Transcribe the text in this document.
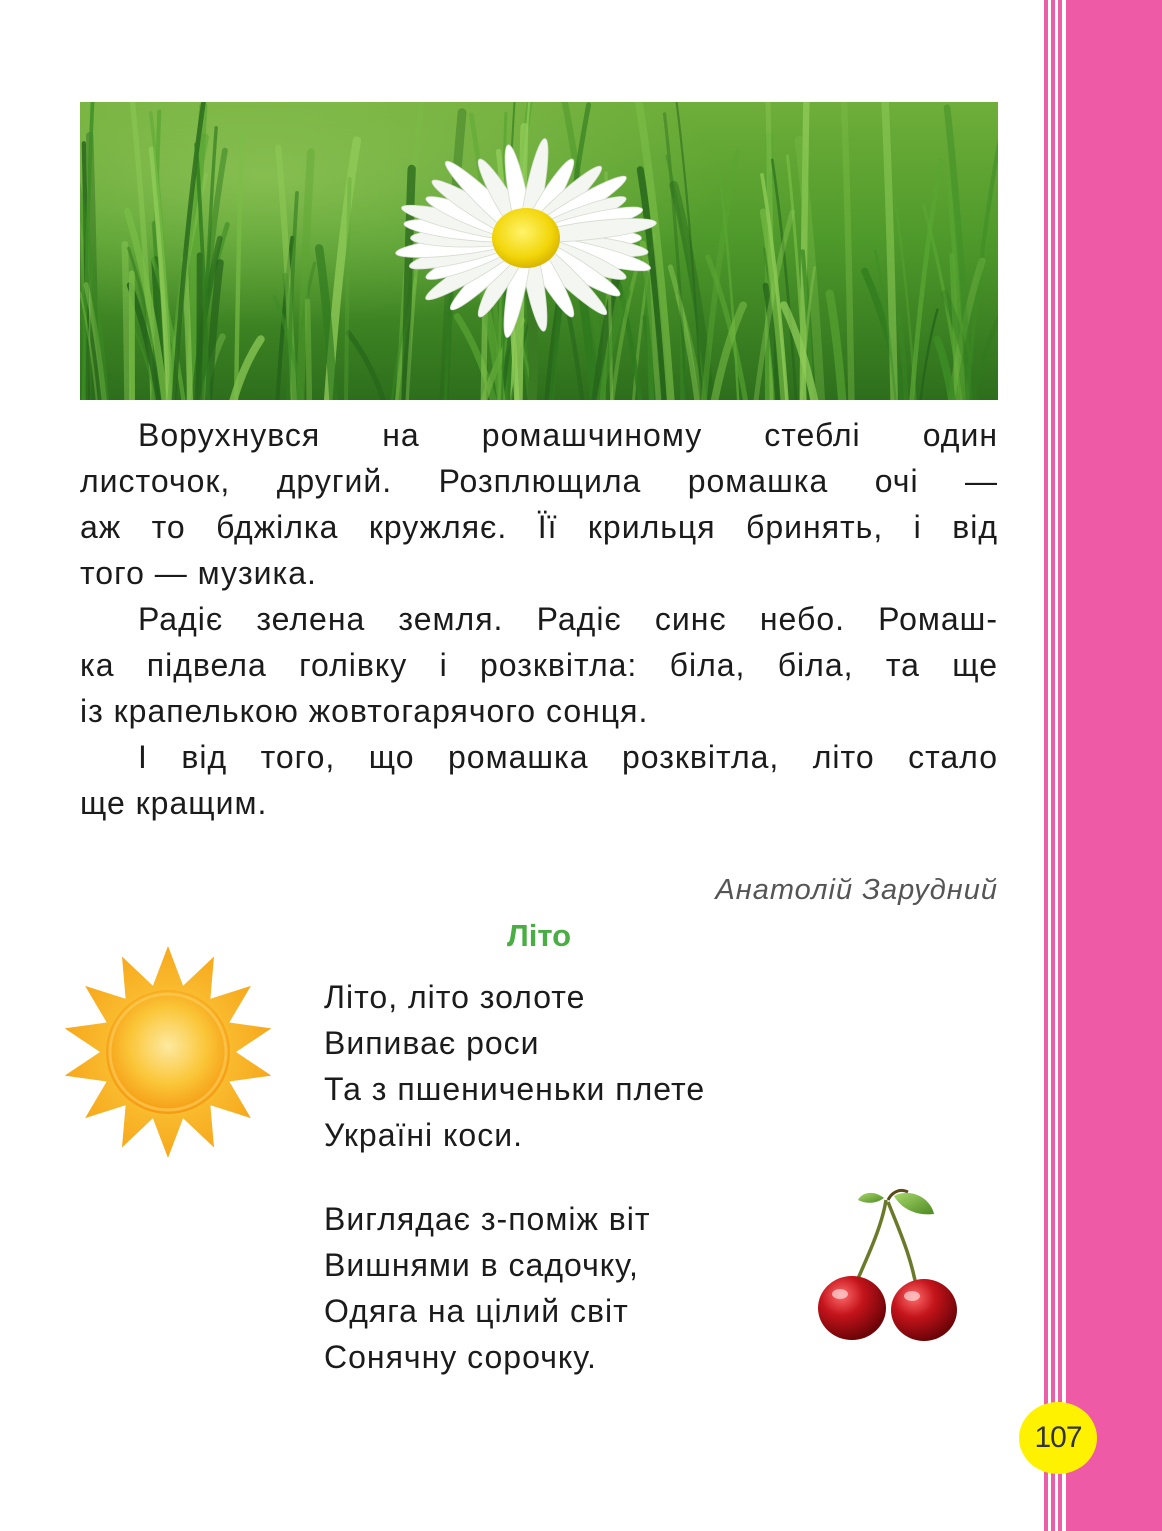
Ворухнувся на ромашчиному стеблі один
листочок, другий. Розплющила ромашка очі —
аж то бджілка кружляє. Її крильця бринять, і від
того — музика.
Радіє зелена земля. Радіє синє небо. Ромаш-
ка підвела голівку і розквітла: біла, біла, та ще
із крапелькою жовтогарячого сонця.
І від того, що ромашка розквітла, літо стало
ще кращим.
Анатолій Зарудний
Літо
Літо, літо золоте
Випиває роси
Та з пшениченьки плете
Україні коси.
Виглядає з-поміж віт
Вишнями в садочку,
Одяга на цілий світ
Сонячну сорочку.
107
